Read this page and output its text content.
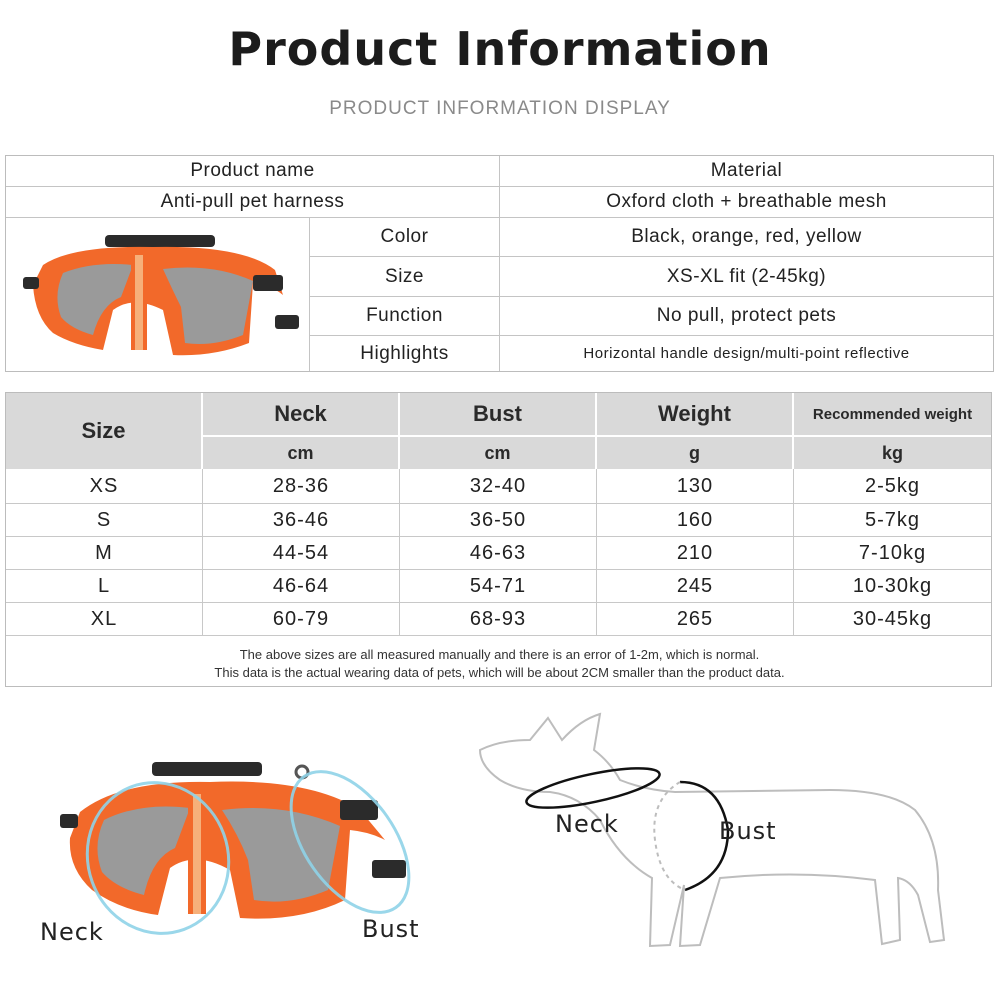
Product Information
PRODUCT INFORMATION DISPLAY
Product name	Material
Anti-pull pet harness	Oxford cloth + breathable mesh
Color	Black, orange, red, yellow
Size	XS-XL fit (2-45kg)
Function	No pull, protect pets
Highlights	Horizontal handle design/multi-point reflective
Size
Neck	Bust	Weight	Recommended weight
cm	cm	g	kg
XS	28-36	32-40	130	2-5kg
S	36-46	36-50	160	5-7kg
M	44-54	46-63	210	7-10kg
L	46-64	54-71	245	10-30kg
XL	60-79	68-93	265	30-45kg
The above sizes are all measured manually and there is an error of 1-2m, which is normal.
This data is the actual wearing data of pets, which will be about 2CM smaller than the product data.
Neck	Bust
Neck	Bust
